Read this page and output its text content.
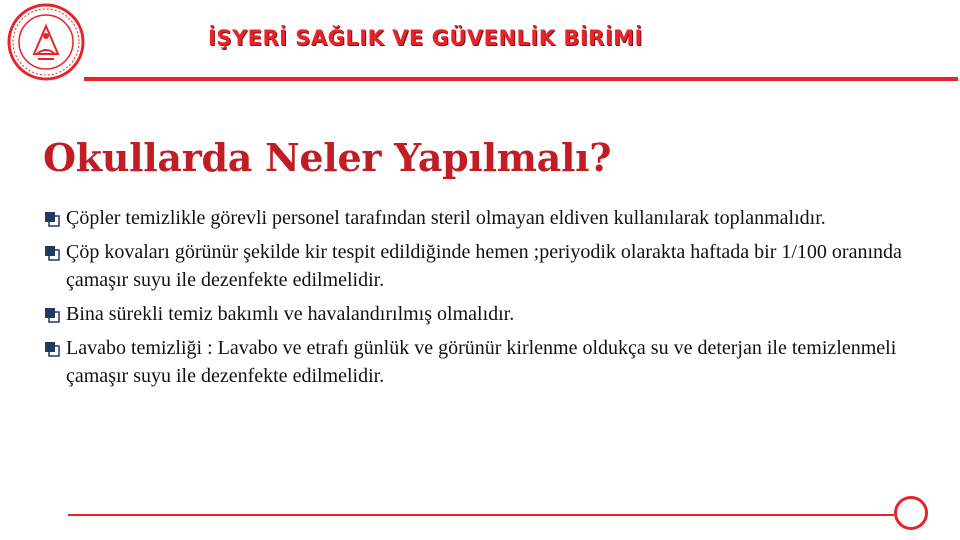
İŞYERİ SAĞLIK VE GÜVENLİK BİRİMİ
Okullarda Neler Yapılmalı?
Çöpler temizlikle görevli personel tarafından steril olmayan eldiven kullanılarak toplanmalıdır.
Çöp kovaları görünür şekilde kir tespit edildiğinde hemen ;periyodik olarakta haftada bir 1/100 oranında çamaşır suyu ile dezenfekte edilmelidir.
Bina sürekli temiz bakımlı ve havalandırılmış olmalıdır.
Lavabo temizliği : Lavabo ve etrafı günlük ve görünür kirlenme oldukça su ve deterjan ile temizlenmeli çamaşır suyu ile dezenfekte edilmelidir.
